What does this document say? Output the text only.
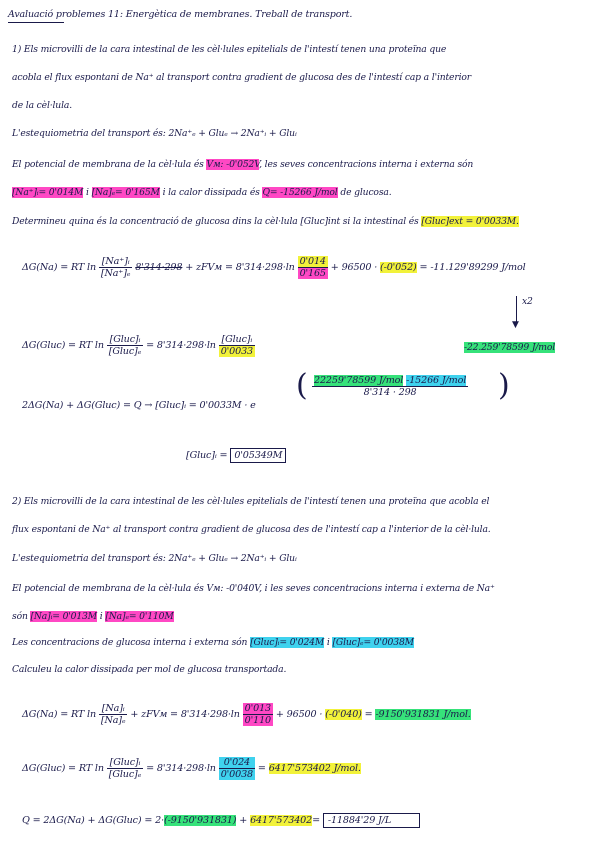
Avaluació problemes 11: Energètica de membranes. Treball de transport.
1) Els microvilli de la cara intestinal de les cèl·lules epitelials de l'intestí tenen una proteïna que
acobla el flux espontani de Na⁺ al transport contra gradient de glucosa des de l'intestí cap a l'interior
de la cèl·lula.
L'estequiometria del transport és: 2Na⁺ₑ + Gluₑ → 2Na⁺ᵢ + Gluᵢ
El potencial de membrana de la cèl·lula és Vм: -0'052V, les seves concentracions interna i externa són
[Na⁺]ᵢ= 0'014M i [Na]ₑ= 0'165M i la calor dissipada és Q= -15266 J/mol de glucosa.
Determineu quina és la concentració de glucosa dins la cèl·lula [Gluc]int si la intestinal és [Gluc]ext = 0'0033M.
ΔG(Na) = RT $\ln \frac{\text{[Na⁺]ᵢ}}{\text{[Na⁺]ₑ}} 8'314\cdot 298$ + zFVм = $8'314\cdot 298\cdot\ln \frac{0'014}{0'165} + 96500 \cdot (-0'052) = -11.129'89299$ J/mol
▼
x2
ΔG(Gluc) = RT $\ln \frac{\text{[Gluc]ᵢ}}{\text{[Gluc]ₑ}} = 8'314\cdot 298\cdot\ln \frac{\text{[Gluc]ᵢ}}{0'0033}$	-22.259'78599 J/mol
2ΔG(Na) + ΔG(Gluc) = Q → [Gluc]ᵢ = 0'0033M · e
( $\frac{\text{22259'78599 J/mol -15266 J/mol}}{8'314 \cdot 298}$ )
[Gluc]ᵢ = 0'05349M
2) Els microvilli de la cara intestinal de les cèl·lules epitelials de l'intestí tenen una proteïna que acobla el
flux espontani de Na⁺ al transport contra gradient de glucosa des de l'intestí cap a l'interior de la cèl·lula.
L'estequiometria del transport és: 2Na⁺ₑ + Gluₑ → 2Na⁺ᵢ + Gluᵢ
El potencial de membrana de la cèl·lula és Vм: -0'040V, i les seves concentracions interna i externa de Na⁺
són [Na]ᵢ= 0'013M i [Na]ₑ= 0'110M
Les concentracions de glucosa interna i externa són [Gluc]ᵢ= 0'024M i [Gluc]ₑ= 0'0038M
Calculeu la calor dissipada per mol de glucosa transportada.
ΔG(Na) = RT $\ln \frac{\text{[Na]ᵢ}}{\text{[Na]ₑ}}$ + zFVм = $8'314\cdot 298\cdot\ln \frac{0'013}{0'110} + 96500 \cdot (-0'040) = -9150'931831$ J/mol.
ΔG(Gluc) = RT $\ln \frac{\text{[Gluc]ᵢ}}{\text{[Gluc]ₑ}} = 8'314\cdot 298\cdot\ln \frac{0'024}{0'0038} = 6417'573402$ J/mol.
Q = 2ΔG(Na) + ΔG(Gluc) = 2·(-9150'931831) + 6417'573402= -11884'29 J/L
